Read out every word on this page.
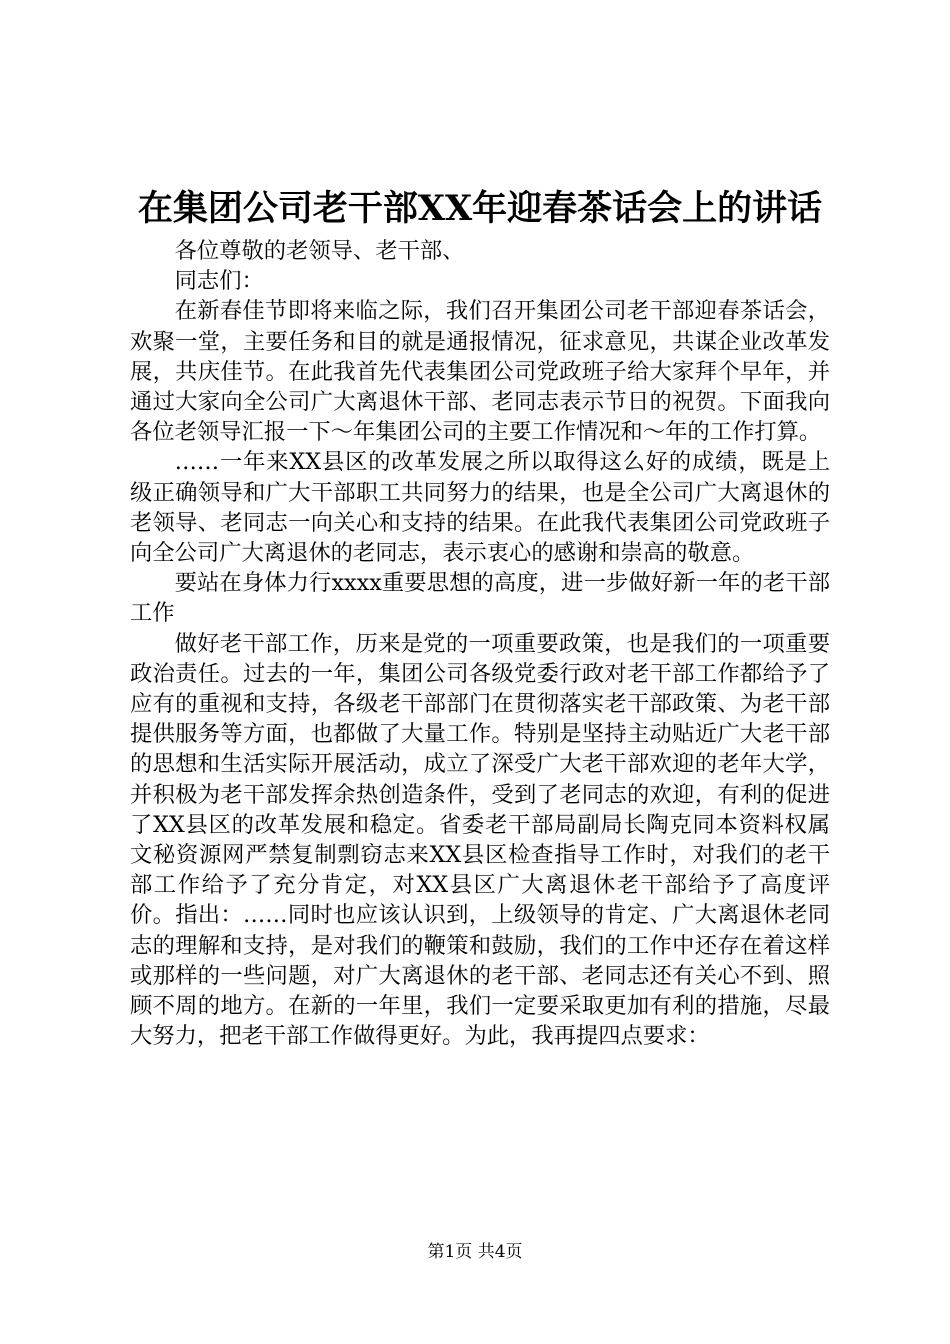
在集团公司老干部XX年迎春茶话会上的讲话

各位尊敬的老领导、老干部、

同志们：

在新春佳节即将来临之际，我们召开集团公司老干部迎春茶话会，欢聚一堂，主要任务和目的就是通报情况，征求意见，共谋企业改革发展，共庆佳节。在此我首先代表集团公司党政班子给大家拜个早年，并通过大家向全公司广大离退休干部、老同志表示节日的祝贺。下面我向各位老领导汇报一下～年集团公司的主要工作情况和～年的工作打算。

……一年来XX县区的改革发展之所以取得这么好的成绩，既是上级正确领导和广大干部职工共同努力的结果，也是全公司广大离退休的老领导、老同志一向关心和支持的结果。在此我代表集团公司党政班子向全公司广大离退休的老同志，表示衷心的感谢和崇高的敬意。

要站在身体力行xxxx重要思想的高度，进一步做好新一年的老干部工作

做好老干部工作，历来是党的一项重要政策，也是我们的一项重要政治责任。过去的一年，集团公司各级党委行政对老干部工作都给予了应有的重视和支持，各级老干部部门在贯彻落实老干部政策、为老干部提供服务等方面，也都做了大量工作。特别是坚持主动贴近广大老干部的思想和生活实际开展活动，成立了深受广大老干部欢迎的老年大学，并积极为老干部发挥余热创造条件，受到了老同志的欢迎，有利的促进了XX县区的改革发展和稳定。省委老干部局副局长陶克同本资料权属文秘资源网严禁复制剽窃志来XX县区检查指导工作时，对我们的老干部工作给予了充分肯定，对XX县区广大离退休老干部给予了高度评价。指出：……同时也应该认识到，上级领导的肯定、广大离退休老同志的理解和支持，是对我们的鞭策和鼓励，我们的工作中还存在着这样或那样的一些问题，对广大离退休的老干部、老同志还有关心不到、照顾不周的地方。在新的一年里，我们一定要采取更加有利的措施，尽最大努力，把老干部工作做得更好。为此，我再提四点要求：

第1页 共4页
